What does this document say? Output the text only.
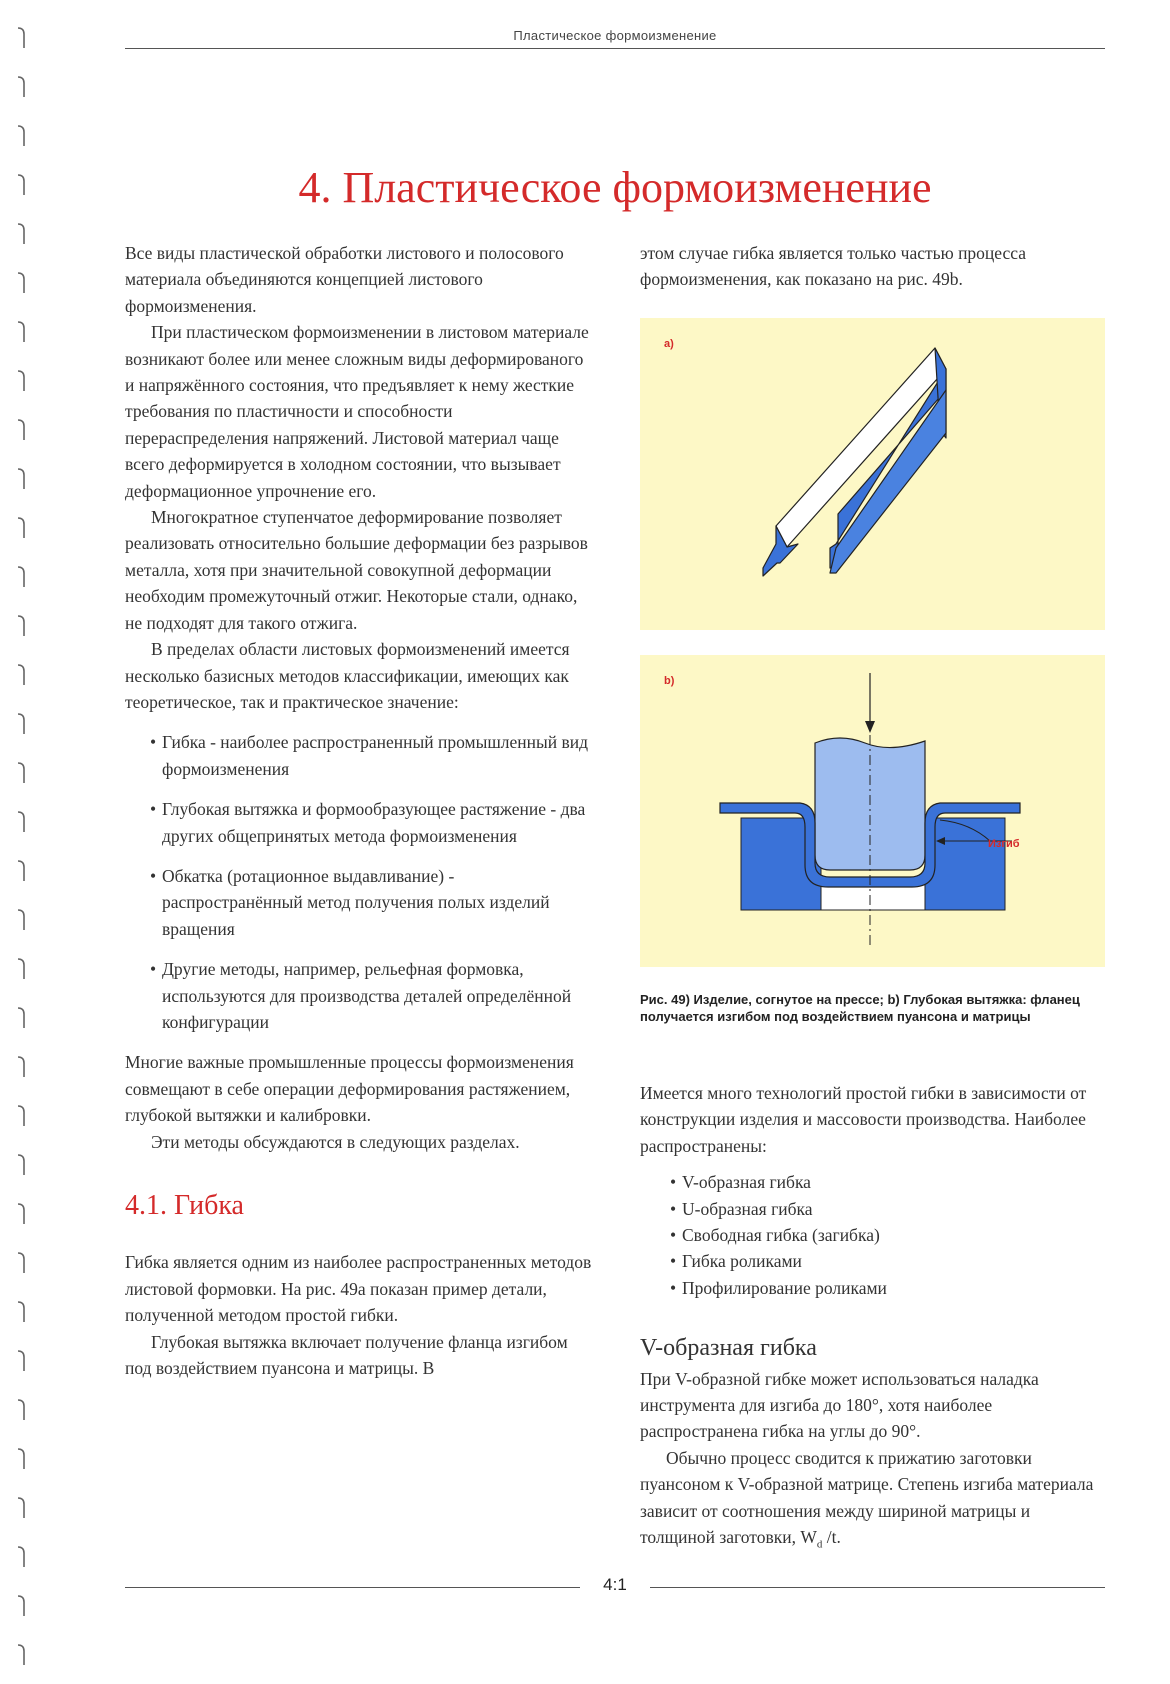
Пластическое формоизменение
4. Пластическое формоизменение

Все виды пластической обработки листового и полосового материала объединяются концепцией листового формоизменения.

При пластическом формоизменении в листовом материале возникают более или менее сложным виды деформированого и напряжённого состояния, что предъявляет к нему жесткие требования по пластичности и способности перераспределения напряжений. Листовой материал чаще всего деформируется в холодном состоянии, что вызывает деформационное упрочнение его.

Многократное ступенчатое деформирование позволяет реализовать относительно большие деформации без разрывов металла, хотя при значительной совокупной деформации необходим промежуточный отжиг. Некоторые стали, однако, не подходят для такого отжига.

В пределах области листовых формоизменений имеется несколько базисных методов классификации, имеющих как теоретическое, так и практическое значение:

• Гибка - наиболее распространенный промышленный вид формоизменения
• Глубокая вытяжка и формообразующее растяжение - два других общепринятых метода формоизменения
• Обкатка (ротационное выдавливание) - распространённый метод получения полых изделий вращения
• Другие методы, например, рельефная формовка, используются для производства деталей определённой конфигурации

Многие важные промышленные процессы формоизменения совмещают в себе операции деформирования растяжением, глубокой вытяжки и калибровки.

Эти методы обсуждаются в следующих разделах.

4.1. Гибка

Гибка является одним из наиболее распространенных методов листовой формовки. На рис. 49a показан пример детали, полученной методом простой гибки.

Глубокая вытяжка включает получение фланца изгибом под воздействием пуансона и матрицы. В

этом случае гибка является только частью процесса формоизменения, как показано на рис. 49b.

a)
b)
Изгиб
Рис. 49) Изделие, согнутое на прессе; b) Глубокая вытяжка: фланец получается изгибом под воздействием пуансона и матрицы

Имеется много технологий простой гибки в зависимости от конструкции изделия и массовости производства. Наиболее распространены:

• V-образная гибка
• U-образная гибка
• Свободная гибка (загибка)
• Гибка роликами
• Профилирование роликами
V-образная гибка

При V-образной гибке может использоваться наладка инструмента для изгиба до 180°, хотя наиболее распространена гибка на углы до 90°.

Обычно процесс сводится к прижатию заготовки пуансоном к V-образной матрице. Степень изгиба материала зависит от соотношения между шириной матрицы и толщиной заготовки, $W_d$ /t.

4:1
